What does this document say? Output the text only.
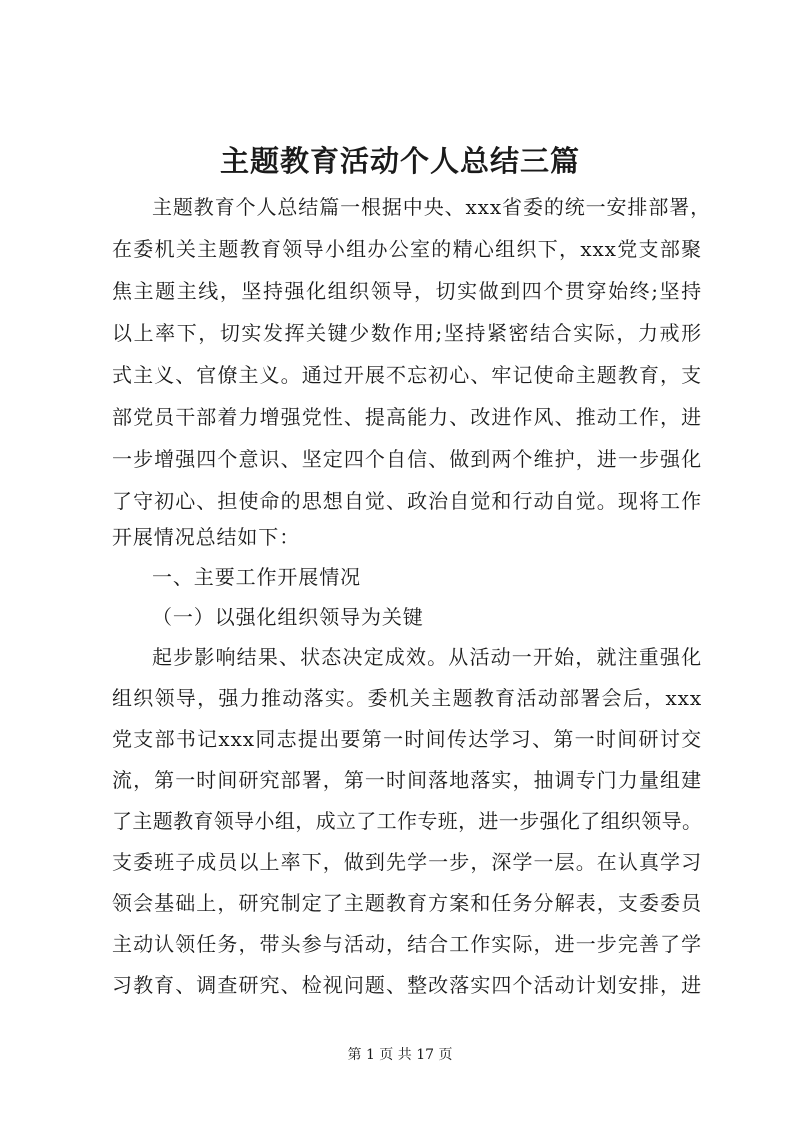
主题教育活动个人总结三篇
主题教育个人总结篇一根据中央、xxx省委的统一安排部署，
在委机关主题教育领导小组办公室的精心组织下，xxx党支部聚
焦主题主线，坚持强化组织领导，切实做到四个贯穿始终;坚持
以上率下，切实发挥关键少数作用;坚持紧密结合实际，力戒形
式主义、官僚主义。通过开展不忘初心、牢记使命主题教育，支
部党员干部着力增强党性、提高能力、改进作风、推动工作，进
一步增强四个意识、坚定四个自信、做到两个维护，进一步强化
了守初心、担使命的思想自觉、政治自觉和行动自觉。现将工作
开展情况总结如下：
一、主要工作开展情况
（一）以强化组织领导为关键
起步影响结果、状态决定成效。从活动一开始，就注重强化
组织领导，强力推动落实。委机关主题教育活动部署会后，xxx
党支部书记xxx同志提出要第一时间传达学习、第一时间研讨交
流，第一时间研究部署，第一时间落地落实，抽调专门力量组建
了主题教育领导小组，成立了工作专班，进一步强化了组织领导。
支委班子成员以上率下，做到先学一步，深学一层。在认真学习
领会基础上，研究制定了主题教育方案和任务分解表，支委委员
主动认领任务，带头参与活动，结合工作实际，进一步完善了学
习教育、调查研究、检视问题、整改落实四个活动计划安排，进
第 1 页 共 17 页
